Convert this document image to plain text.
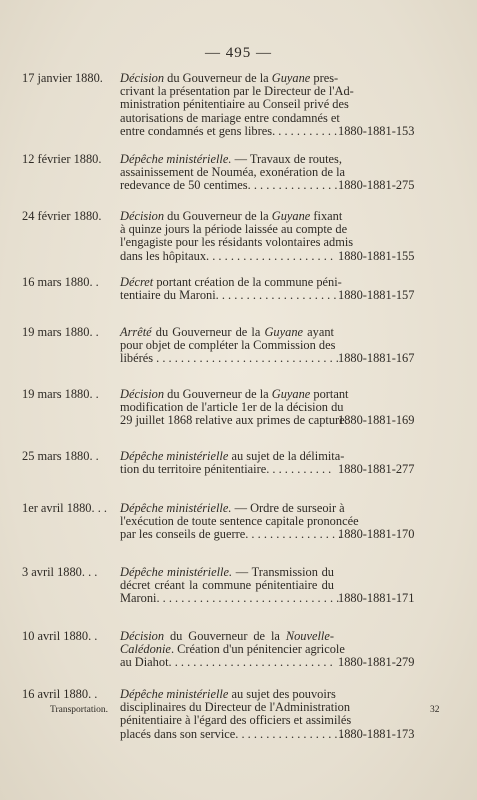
— 495 —
17 janvier 1880.	Décision du Gouverneur de la Guyane pres-
crivant la présentation par le Directeur de l'Ad-
ministration pénitentiaire au Conseil privé des
autorisations de mariage entre condamnés et
entre condamnés et gens libres. . . . . . . . . . . 1880-1881-153
12 février 1880.	Dépêche ministérielle. — Travaux de routes,
assainissement de Nouméa, exonération de la
redevance de 50 centimes. . . . . . . . . . . . . . . 1880-1881-275
24 février 1880.	Décision du Gouverneur de la Guyane fixant
à quinze jours la période laissée au compte de
l'engagiste pour les résidants volontaires admis
dans les hôpitaux. . . . . . . . . . . . . . . . . . . . . 1880-1881-155
16 mars 1880. .	Décret portant création de la commune péni-
tentiaire du Maroni. . . . . . . . . . . . . . . . . . . . 1880-1881-157
19 mars 1880. .	Arrêté du Gouverneur de la Guyane ayant
pour objet de compléter la Commission des
libérés . . . . . . . . . . . . . . . . . . . . . . . . . . . . . . 1880-1881-167
19 mars 1880. .	Décision du Gouverneur de la Guyane portant
modification de l'article 1er de la décision du
29 juillet 1868 relative aux primes de capture.
1880-1881-169
25 mars 1880. .	Dépêche ministérielle au sujet de la délimita-
tion du territoire pénitentiaire. . . . . . . . . . . 1880-1881-277
1er avril 1880. . .	Dépêche ministérielle. — Ordre de surseoir à
l'exécution de toute sentence capitale prononcée
par les conseils de guerre. . . . . . . . . . . . . . . .
1880-1881-170
3 avril 1880. . .	Dépêche ministérielle. — Transmission du
décret créant la commune pénitentiaire du
Maroni. . . . . . . . . . . . . . . . . . . . . . . . . . . . . .
1880-1881-171
10 avril 1880. .	Décision du Gouverneur de la Nouvelle-
Calédonie. Création d'un pénitencier agricole
au Diahot. . . . . . . . . . . . . . . . . . . . . . . . . . . 1880-1881-279
16 avril 1880. .	Dépêche ministérielle au sujet des pouvoirs
disciplinaires du Directeur de l'Administration
pénitentiaire à l'égard des officiers et assimilés
placés dans son service. . . . . . . . . . . . . . . . . .
1880-1881-173
Transportation.	32
